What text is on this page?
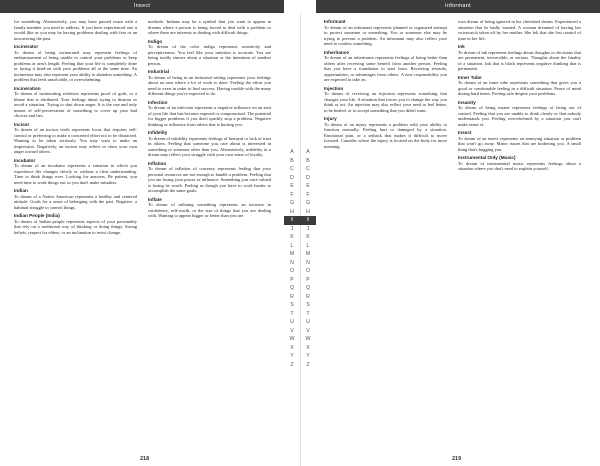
Insect

for something. Alternatively, you may have passed exam with a family member you need to address. If you have experienced one it would like as you may be having problems dealing with fear or an unwavering the past.

Incinerator
To dream of being incinerated may represent feelings of embarrassment of being unable to control your problems or keep problems at arm's length. Feeling that your life is completely done or facing it head-on with your problems all at the same time. An incinerator may also represent your ability to abandon something. A problem that feels unsolvable, or overwhelming.

Incineration
To dream of incinerating evidence represents proof of guilt, or a blame that is attributed. Your feelings about trying to dismiss or avoid a situation. Trying to shut down anger. It is the one and only means of self-preservation of something to cover up your bad choices and lies.

Incisor
To dream of an incisor tooth represents focus that requires self-control or preferring to make a concerted effort not to be distracted. Wanting to be taken seriously. You may want to make an impression. Negatively, an incisor may reflect or show your own anger toward others.

Incubator
To dream of an incubator represents a situation in which you experience life changes slowly or without a clear understanding. Time to think things over. Looking for answers. Be patient, you need time to work things out so you don't make mistakes.

Indian
To dream of a Native American represents a healthy and centered attitude. Goals for a sense of belonging with the past. Negative: a habitual struggle to control things.

Indian People (India)
To dream of Indian people represents aspects of your personality that rely on a traditional way of thinking or doing things. Strong beliefs, respect for elders, or an inclination to resist change.

methods. Indians may be a symbol that you want to appear in dreams where a person is being forced to deal with a problem or where there are interests in dealing with difficult things.

Indigo
To dream of the color indigo represents sensitivity and perceptiveness. You feel like your intuition is accurate. You are being totally sincere about a situation or the intentions of another person.

Industrial
To dream of being in an industrial setting represents your feelings about an area where a lot of work is done. Feeling the effort you need to exert in order to find success. Having trouble with the many different things you're expected to do.

Infection
To dream of an infection represents a negative influence on an area of your life that has become exposed or compromised. The potential for bigger problems if you don't quickly stop a problem. Negative thinking or influence from others that is hurting you.

Infidelity
To dream of infidelity represents feelings of betrayal or lack of trust in others. Feeling that someone you care about is interested in something or someone other than you. Alternatively, infidelity in a dream may reflect your struggle with your own sense of loyalty.

Inflation
To dream of inflation of currency represents feeling that your personal resources are not enough to handle a problem. Feeling that you are losing your power or influence. Something you once valued is losing its worth. Feeling as though you have to work harder to accomplish the same goals.

Inflate
To dream of inflating something represents an increase in confidence, self-worth, or the size of things that you are dealing with. Wanting to appear bigger or better than you are.

A
B
C
D
E
F
G
H
I
J
K
L
M
N
O
P
Q
R
S
T
U
V
W
X
Y
Z
218
Informant

Informant
To dream of an informant represents planned or organized attempt to protect someone or something. You or someone else may be trying to prevent a problem. An informant may also reflect your need to confess something.

Inheritance
To dream of an inheritance represents feelings of being better than others after receiving some benefit from another person. Feeling that you have a foundation to start from. Receiving rewards, opportunities, or advantages from others. A new responsibility you are expected to take on.

Injection
To dream of receiving an injection represents something that changes your life. A situation that forces you to change the way you think or act. An injection may also reflect your need to feel better, to be healed, or to accept something that you didn't want.

Injury
To dream of an injury represents a problem with your ability to function normally. Feeling hurt or damaged by a situation. Emotional pain, or a setback that makes it difficult to move forward. Consider where the injury is located on the body for more meaning.

own dream of being ignored in his cherished dream. Experienced a situation that he badly wanted. A woman dreamed of having her wristwatch taken off by her mother. She felt that she lost control of time in her life.

Ink
To dream of ink represents feelings about thoughts or decisions that are permanent, irreversible, or serious. Thoughts about the finality of a situation. Ink that is black represents negative thinking that is permanent.

Inner Tube
To dream of an inner tube represents something that gives you a good or comfortable feeling in a difficult situation. Peace of mind during hard times. Feeling safe despite your problems.

Insanity
To dream of being insane represents feelings of being out of control. Feeling that you are unable to think clearly or that nobody understands you. Feeling overwhelmed by a situation you can't make sense of.

Insect
To dream of an insect represents an annoying situation or problem that won't go away. Minor issues that are bothering you. A small thing that's bugging you.

Instrumental Only (Music)
To dream of instrumental music represents feelings about a situation where you don't need to explain yourself.

A
B
C
D
E
F
G
H
I
J
K
L
M
N
O
P
Q
R
S
T
U
V
W
X
Y
Z
219
